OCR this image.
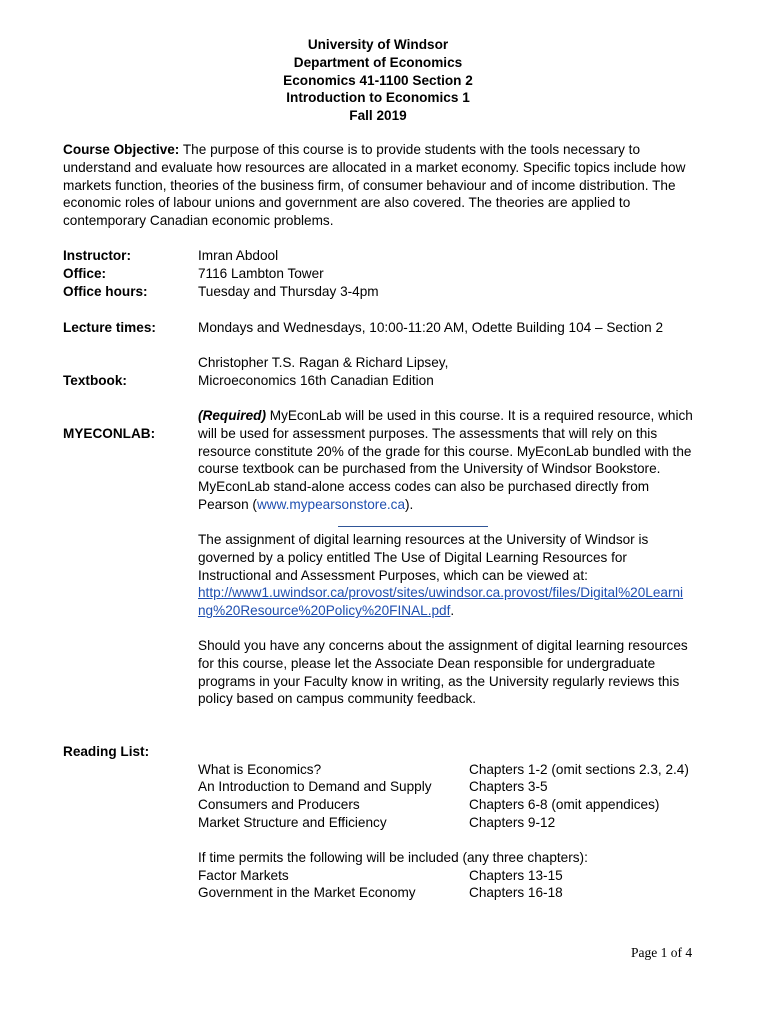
University of Windsor
Department of Economics
Economics 41-1100 Section 2
Introduction to Economics 1
Fall 2019
Course Objective: The purpose of this course is to provide students with the tools necessary to understand and evaluate how resources are allocated in a market economy. Specific topics include how markets function, theories of the business firm, of consumer behaviour and of income distribution. The economic roles of labour unions and government are also covered. The theories are applied to contemporary Canadian economic problems.
Instructor:	Imran Abdool
Office:	7116 Lambton Tower
Office hours:	Tuesday and Thursday 3-4pm
Lecture times:	Mondays and Wednesdays, 10:00-11:20 AM, Odette Building 104 – Section 2
Christopher T.S. Ragan & Richard Lipsey,
Textbook:	Microeconomics 16th Canadian Edition
MYECONLAB:
(Required) MyEconLab will be used in this course. It is a required resource, which will be used for assessment purposes. The assessments that will rely on this resource constitute 20% of the grade for this course. MyEconLab bundled with the course textbook can be purchased from the University of Windsor Bookstore. MyEconLab stand-alone access codes can also be purchased directly from Pearson (www.mypearsonstore.ca).
The assignment of digital learning resources at the University of Windsor is governed by a policy entitled The Use of Digital Learning Resources for Instructional and Assessment Purposes, which can be viewed at:
http://www1.uwindsor.ca/provost/sites/uwindsor.ca.provost/files/Digital%20Learni
ng%20Resource%20Policy%20FINAL.pdf.
Should you have any concerns about the assignment of digital learning resources for this course, please let the Associate Dean responsible for undergraduate programs in your Faculty know in writing, as the University regularly reviews this policy based on campus community feedback.
Reading List:
What is Economics?	Chapters 1-2 (omit sections 2.3, 2.4)
An Introduction to Demand and Supply	Chapters 3-5
Consumers and Producers	Chapters 6-8 (omit appendices)
Market Structure and Efficiency	Chapters 9-12
If time permits the following will be included (any three chapters):
Factor Markets	Chapters 13-15
Government in the Market Economy	Chapters 16-18
Page 1 of 4
